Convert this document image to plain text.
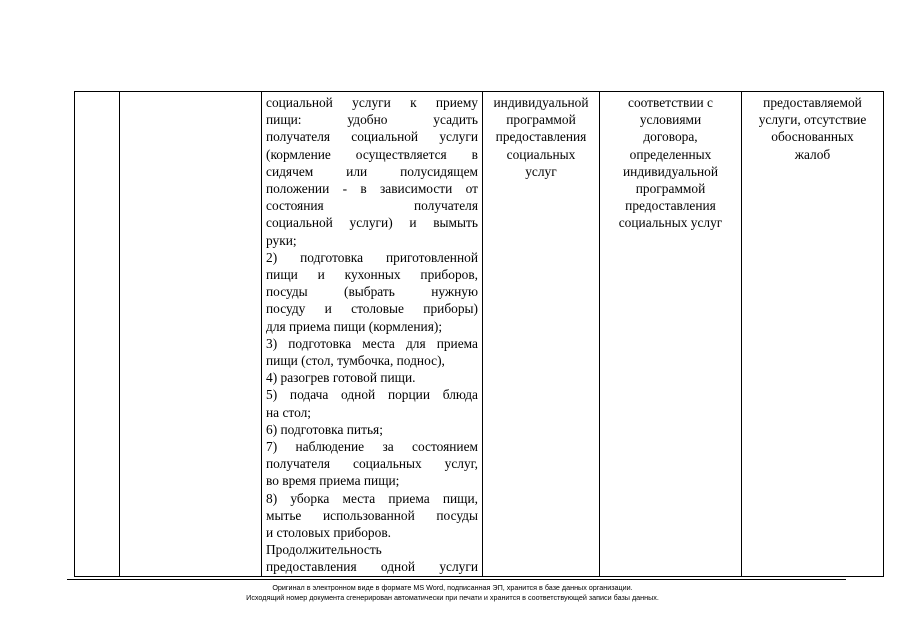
социальной услуги к приему
пищи: удобно усадить
получателя социальной услуги
(кормление осуществляется в
сидячем или полусидящем
положении - в зависимости от
состояния получателя
социальной услуги) и вымыть
руки;
2) подготовка приготовленной
пищи и кухонных приборов,
посуды (выбрать нужную
посуду и столовые приборы)
для приема пищи (кормления);
3) подготовка места для приема
пищи (стол, тумбочка, поднос),
4) разогрев готовой пищи.
5) подача одной порции блюда
на стол;
6) подготовка питья;
7) наблюдение за состоянием
получателя социальных услуг,
во время приема пищи;
8) уборка места приема пищи,
мытье использованной посуды
и столовых приборов.
Продолжительность
предоставления одной услуги

индивидуальной
программой
предоставления
социальных
услуг

соответствии с
условиями
договора,
определенных
индивидуальной
программой
предоставления
социальных услуг

предоставляемой
услуги, отсутствие
обоснованных
жалоб
Оригинал в электронном виде в формате MS Word, подписанная ЭП, хранится в базе данных организации.
Исходящий номер документа сгенерирован автоматически при печати и хранится в соответствующей записи базы данных.
